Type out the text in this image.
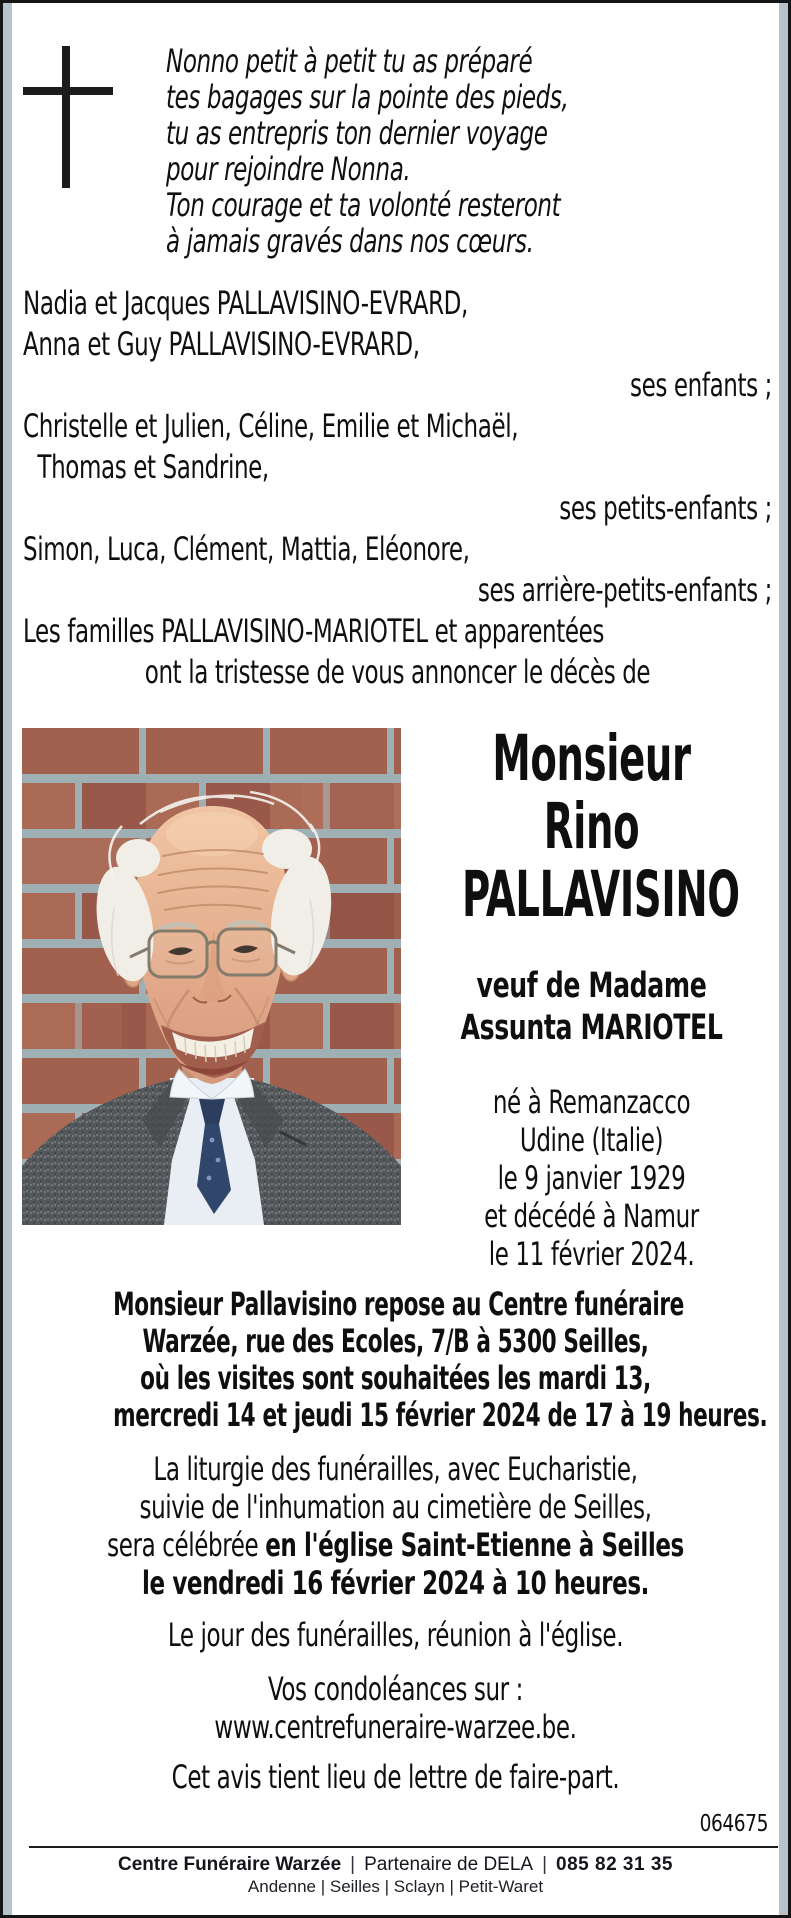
Nonno petit à petit tu as préparé
tes bagages sur la pointe des pieds,
tu as entrepris ton dernier voyage
pour rejoindre Nonna.
Ton courage et ta volonté resteront
à jamais gravés dans nos cœurs.
Nadia et Jacques PALLAVISINO-EVRARD,
Anna et Guy PALLAVISINO-EVRARD,
ses enfants ;
Christelle et Julien, Céline, Emilie et Michaël,
Thomas et Sandrine,
ses petits-enfants ;
Simon, Luca, Clément, Mattia, Eléonore,
ses arrière-petits-enfants ;
Les familles PALLAVISINO-MARIOTEL et apparentées
ont la tristesse de vous annoncer le décès de
Monsieur
Rino
PALLAVISINO
veuf de Madame
Assunta MARIOTEL
né à Remanzacco
Udine (Italie)
le 9 janvier 1929
et décédé à Namur
le 11 février 2024.
Monsieur Pallavisino repose au Centre funéraire
Warzée, rue des Ecoles, 7/B à 5300 Seilles,
où les visites sont souhaitées les mardi 13,
mercredi 14 et jeudi 15 février 2024 de 17 à 19 heures.
La liturgie des funérailles, avec Eucharistie,
suivie de l'inhumation au cimetière de Seilles,
sera célébrée en l'église Saint-Etienne à Seilles
le vendredi 16 février 2024 à 10 heures.
Le jour des funérailles, réunion à l'église.
Vos condoléances sur :
www.centrefuneraire-warzee.be.
Cet avis tient lieu de lettre de faire-part.
064675
Centre Funéraire Warzée | Partenaire de DELA | 085 82 31 35
Andenne | Seilles | Sclayn | Petit-Waret
